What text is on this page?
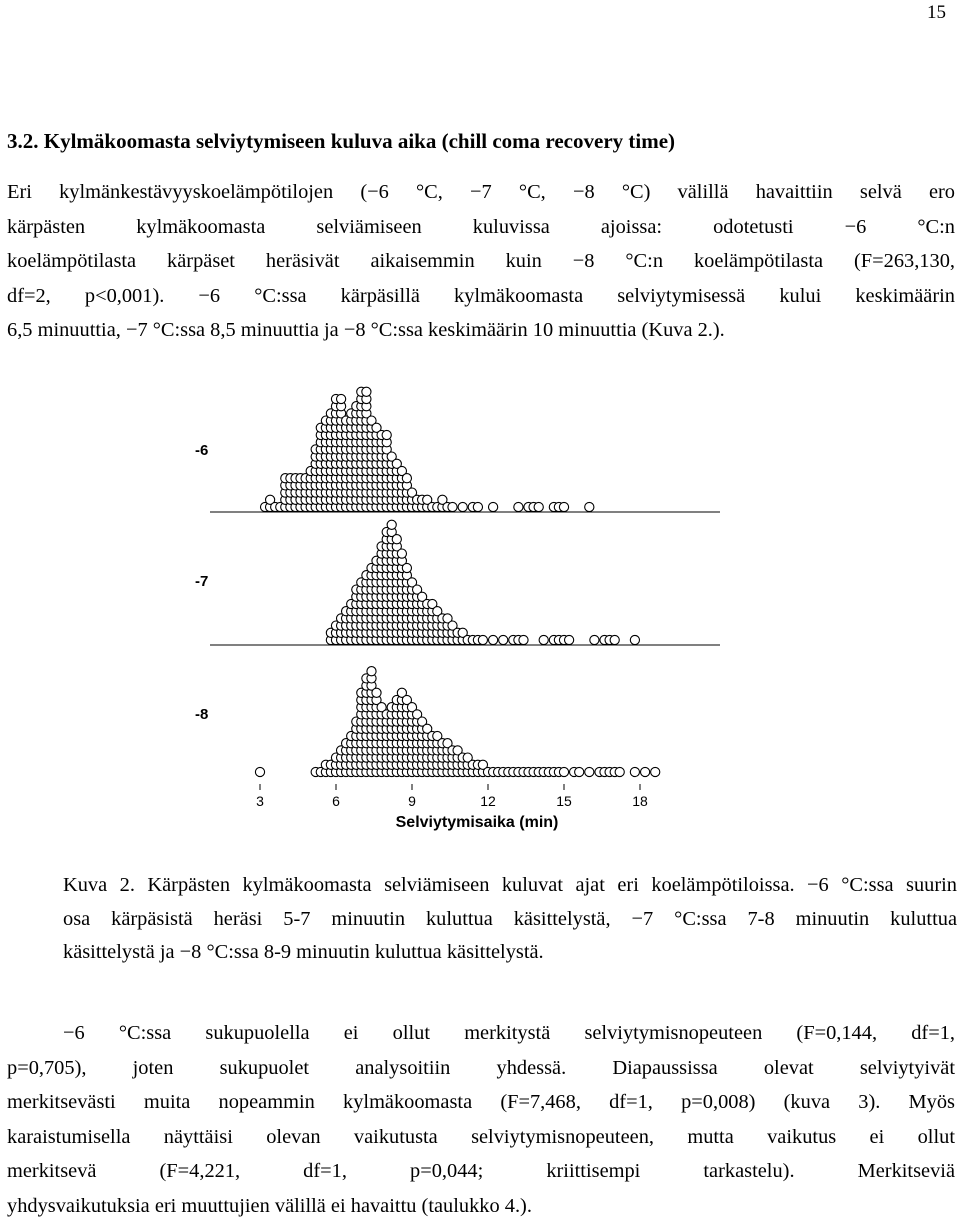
15
3.2. Kylmäkoomasta selviytymiseen kuluva aika (chill coma recovery time)

Eri kylmänkestävyyskoelämpötilojen (−6 °C, −7 °C, −8 °C) välillä havaittiin selvä ero
kärpästen kylmäkoomasta selviämiseen kuluvissa ajoissa: odotetusti −6 °C:n
koelämpötilasta kärpäset heräsivät aikaisemmin kuin −8 °C:n koelämpötilasta (F=263,130,
df=2, p<0,001). −6 °C:ssa kärpäsillä kylmäkoomasta selviytymisessä kului keskimäärin
6,5 minuuttia, −7 °C:ssa 8,5 minuuttia ja −8 °C:ssa keskimäärin 10 minuuttia (Kuva 2.).

-6
-7
-8
3	6	9	12	15	18
Selviytymisaika (min)

Kuva 2. Kärpästen kylmäkoomasta selviämiseen kuluvat ajat eri koelämpötiloissa. −6 °C:ssa suurin
osa kärpäsistä heräsi 5-7 minuutin kuluttua käsittelystä, −7 °C:ssa 7-8 minuutin kuluttua
käsittelystä ja −8 °C:ssa 8-9 minuutin kuluttua käsittelystä.

−6 °C:ssa sukupuolella ei ollut merkitystä selviytymisnopeuteen (F=0,144, df=1,
p=0,705), joten sukupuolet analysoitiin yhdessä. Diapaussissa olevat selviytyivät
merkitsevästi muita nopeammin kylmäkoomasta (F=7,468, df=1, p=0,008) (kuva 3). Myös
karaistumisella näyttäisi olevan vaikutusta selviytymisnopeuteen, mutta vaikutus ei ollut
merkitsevä (F=4,221, df=1, p=0,044; kriittisempi tarkastelu). Merkitseviä
yhdysvaikutuksia eri muuttujien välillä ei havaittu (taulukko 4.).
